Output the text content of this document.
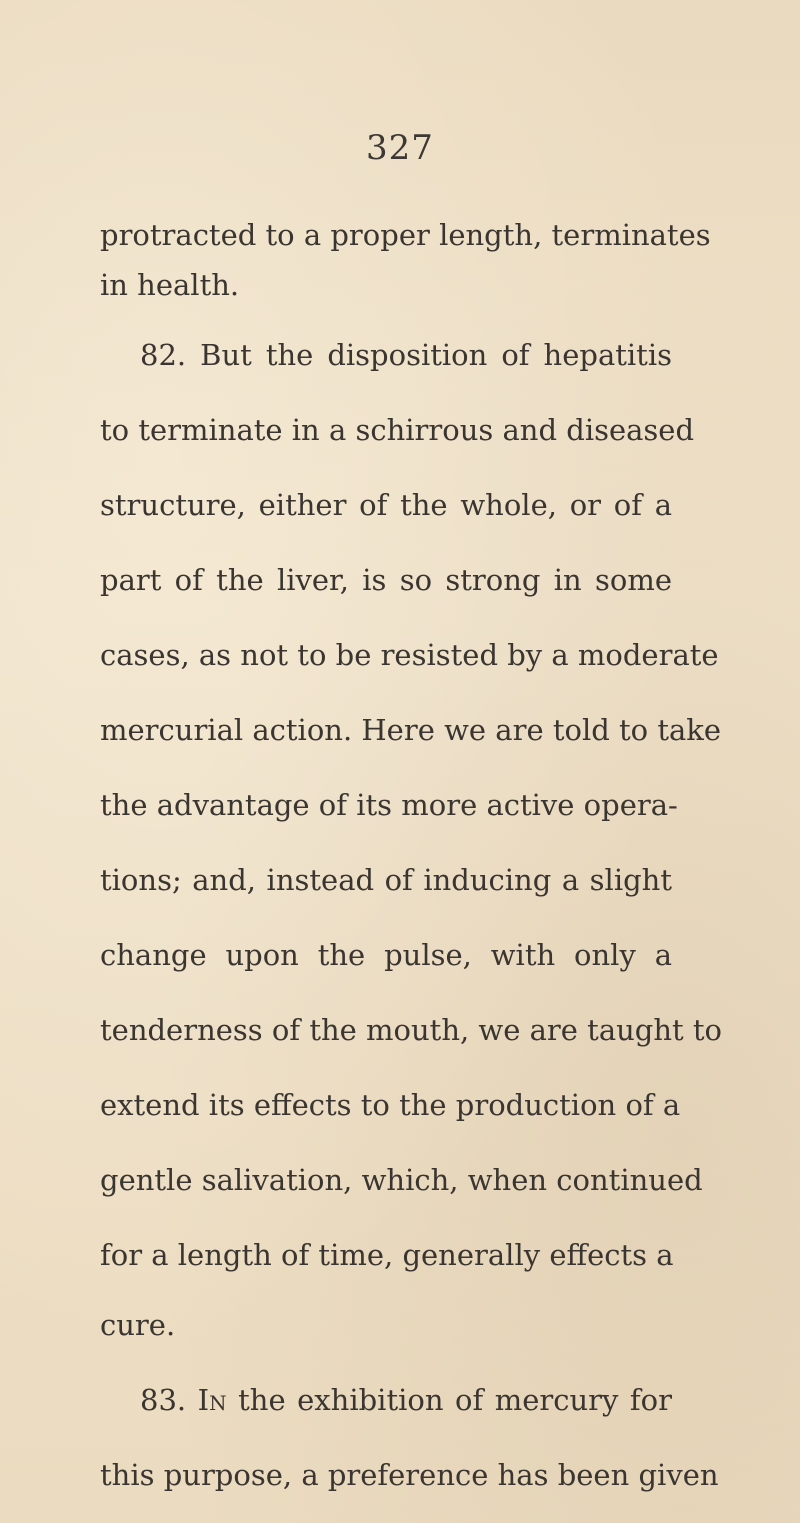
327
protracted to a proper length, terminates
in health.
82. But the disposition of hepatitis
to terminate in a schirrous and diseased
structure, either of the whole, or of a
part of the liver, is so strong in some
cases, as not to be resisted by a moderate
mercurial action. Here we are told to take
the advantage of its more active opera-
tions; and, instead of inducing a slight
change upon the pulse, with only a
tenderness of the mouth, we are taught to
extend its effects to the production of a
gentle salivation, which, when continued
for a length of time, generally effects a
cure.
83. In the exhibition of mercury for
this purpose, a preference has been given
